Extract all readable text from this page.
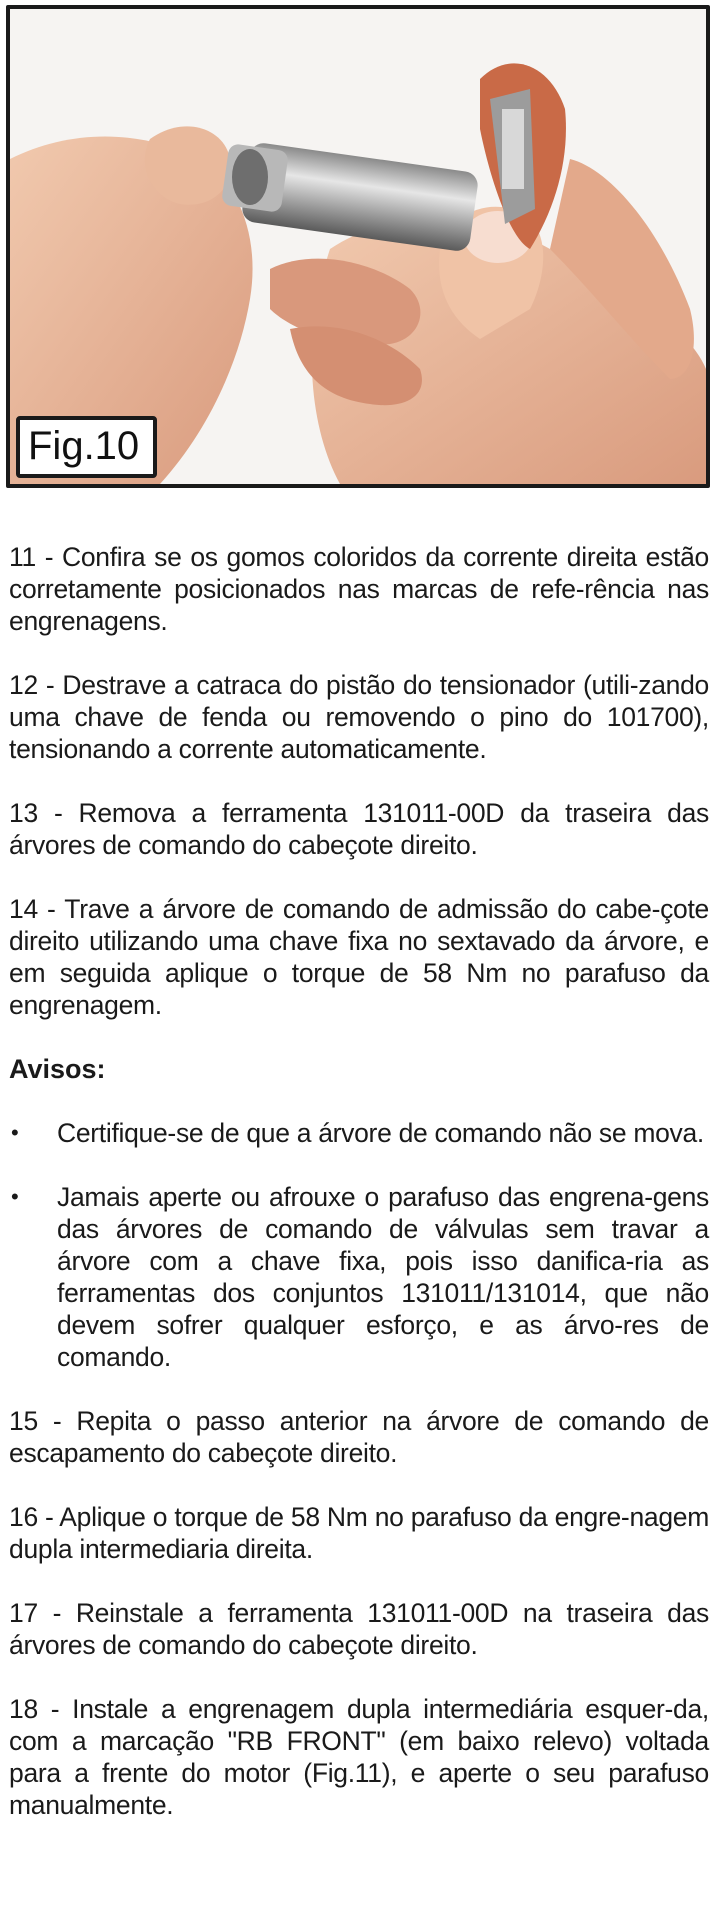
Fig.10

11 - Confira se os gomos coloridos da corrente direita estão corretamente posicionados nas marcas de refe-rência nas engrenagens.

12 - Destrave a catraca do pistão do tensionador (utili-zando uma chave de fenda ou removendo o pino do 101700), tensionando a corrente automaticamente.

13 - Remova a ferramenta 131011-00D da traseira das árvores de comando do cabeçote direito.

14 - Trave a árvore de comando de admissão do cabe-çote direito utilizando uma chave fixa no sextavado da árvore, e em seguida aplique o torque de 58 Nm no parafuso da engrenagem.

Avisos:

• Certifique-se de que a árvore de comando não se mova.
• Jamais aperte ou afrouxe o parafuso das engrena-gens das árvores de comando de válvulas sem travar a árvore com a chave fixa, pois isso danifica-ria as ferramentas dos conjuntos 131011/131014, que não devem sofrer qualquer esforço, e as árvo-res de comando.

15 - Repita o passo anterior na árvore de comando de escapamento do cabeçote direito.

16 - Aplique o torque de 58 Nm no parafuso da engre-nagem dupla intermediaria direita.

17 - Reinstale a ferramenta 131011-00D na traseira das árvores de comando do cabeçote direito.

18 - Instale a engrenagem dupla intermediária esquer-da, com a marcação "RB FRONT" (em baixo relevo) voltada para a frente do motor (Fig.11), e aperte o seu parafuso manualmente.
